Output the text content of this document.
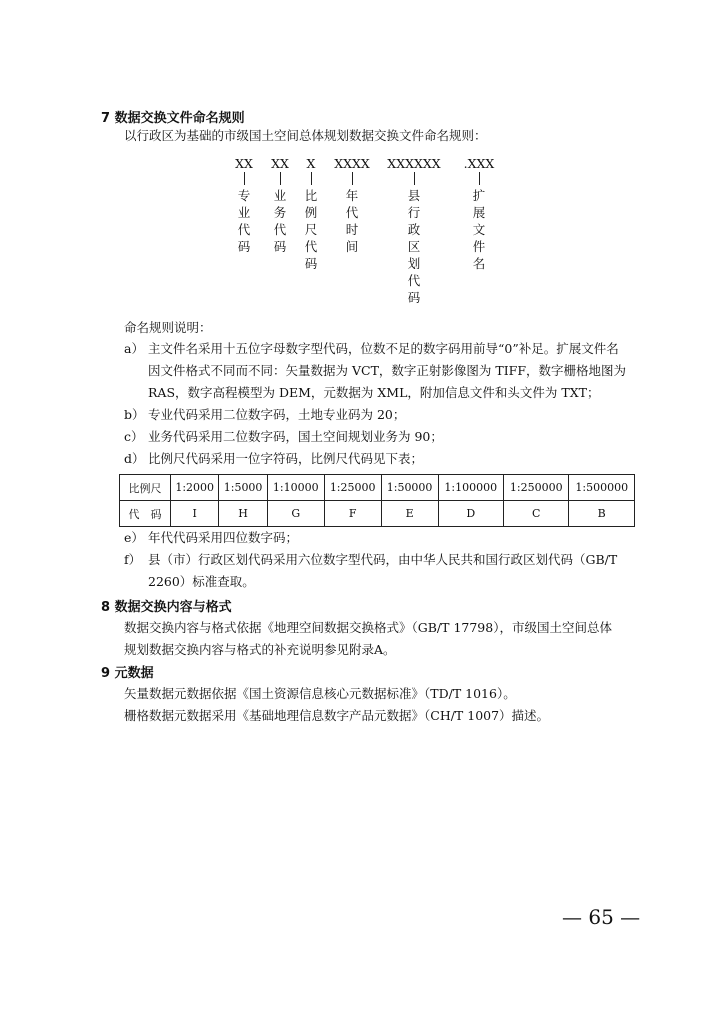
7 数据交换文件命名规则
以行政区为基础的市级国土空间总体规划数据交换文件命名规则：
XX
专
业
代
码
XX
业
务
代
码
X
比
例
尺
代
码
XXXX
年
代
时
间
XXXXXX
县
行
政
区
划
代
码
.XXX
扩
展
文
件
名
命名规则说明：
a） 主文件名采用十五位字母数字型代码，位数不足的数字码用前导“0”补足。扩展文件名
因文件格式不同而不同：矢量数据为 VCT，数字正射影像图为 TIFF，数字栅格地图为
RAS，数字高程模型为 DEM，元数据为 XML，附加信息文件和头文件为 TXT；
b） 专业代码采用二位数字码，土地专业码为 20；
c） 业务代码采用二位数字码，国土空间规划业务为 90；
d） 比例尺代码采用一位字符码，比例尺代码见下表；
比例尺	1:2000	1:5000	1:10000	1:25000	1:50000	1:100000	1:250000	1:500000
代　码	I	H	G	F	E	D	C	B
e） 年代代码采用四位数字码；
f） 县（市）行政区划代码采用六位数字型代码，由中华人民共和国行政区划代码（GB/T
2260）标准查取。
8 数据交换内容与格式
数据交换内容与格式依据《地理空间数据交换格式》（GB/T 17798），市级国土空间总体
规划数据交换内容与格式的补充说明参见附录A。
9 元数据
矢量数据元数据依据《国土资源信息核心元数据标准》（TD/T 1016）。
栅格数据元数据采用《基础地理信息数字产品元数据》（CH/T 1007）描述。
— 65 —
